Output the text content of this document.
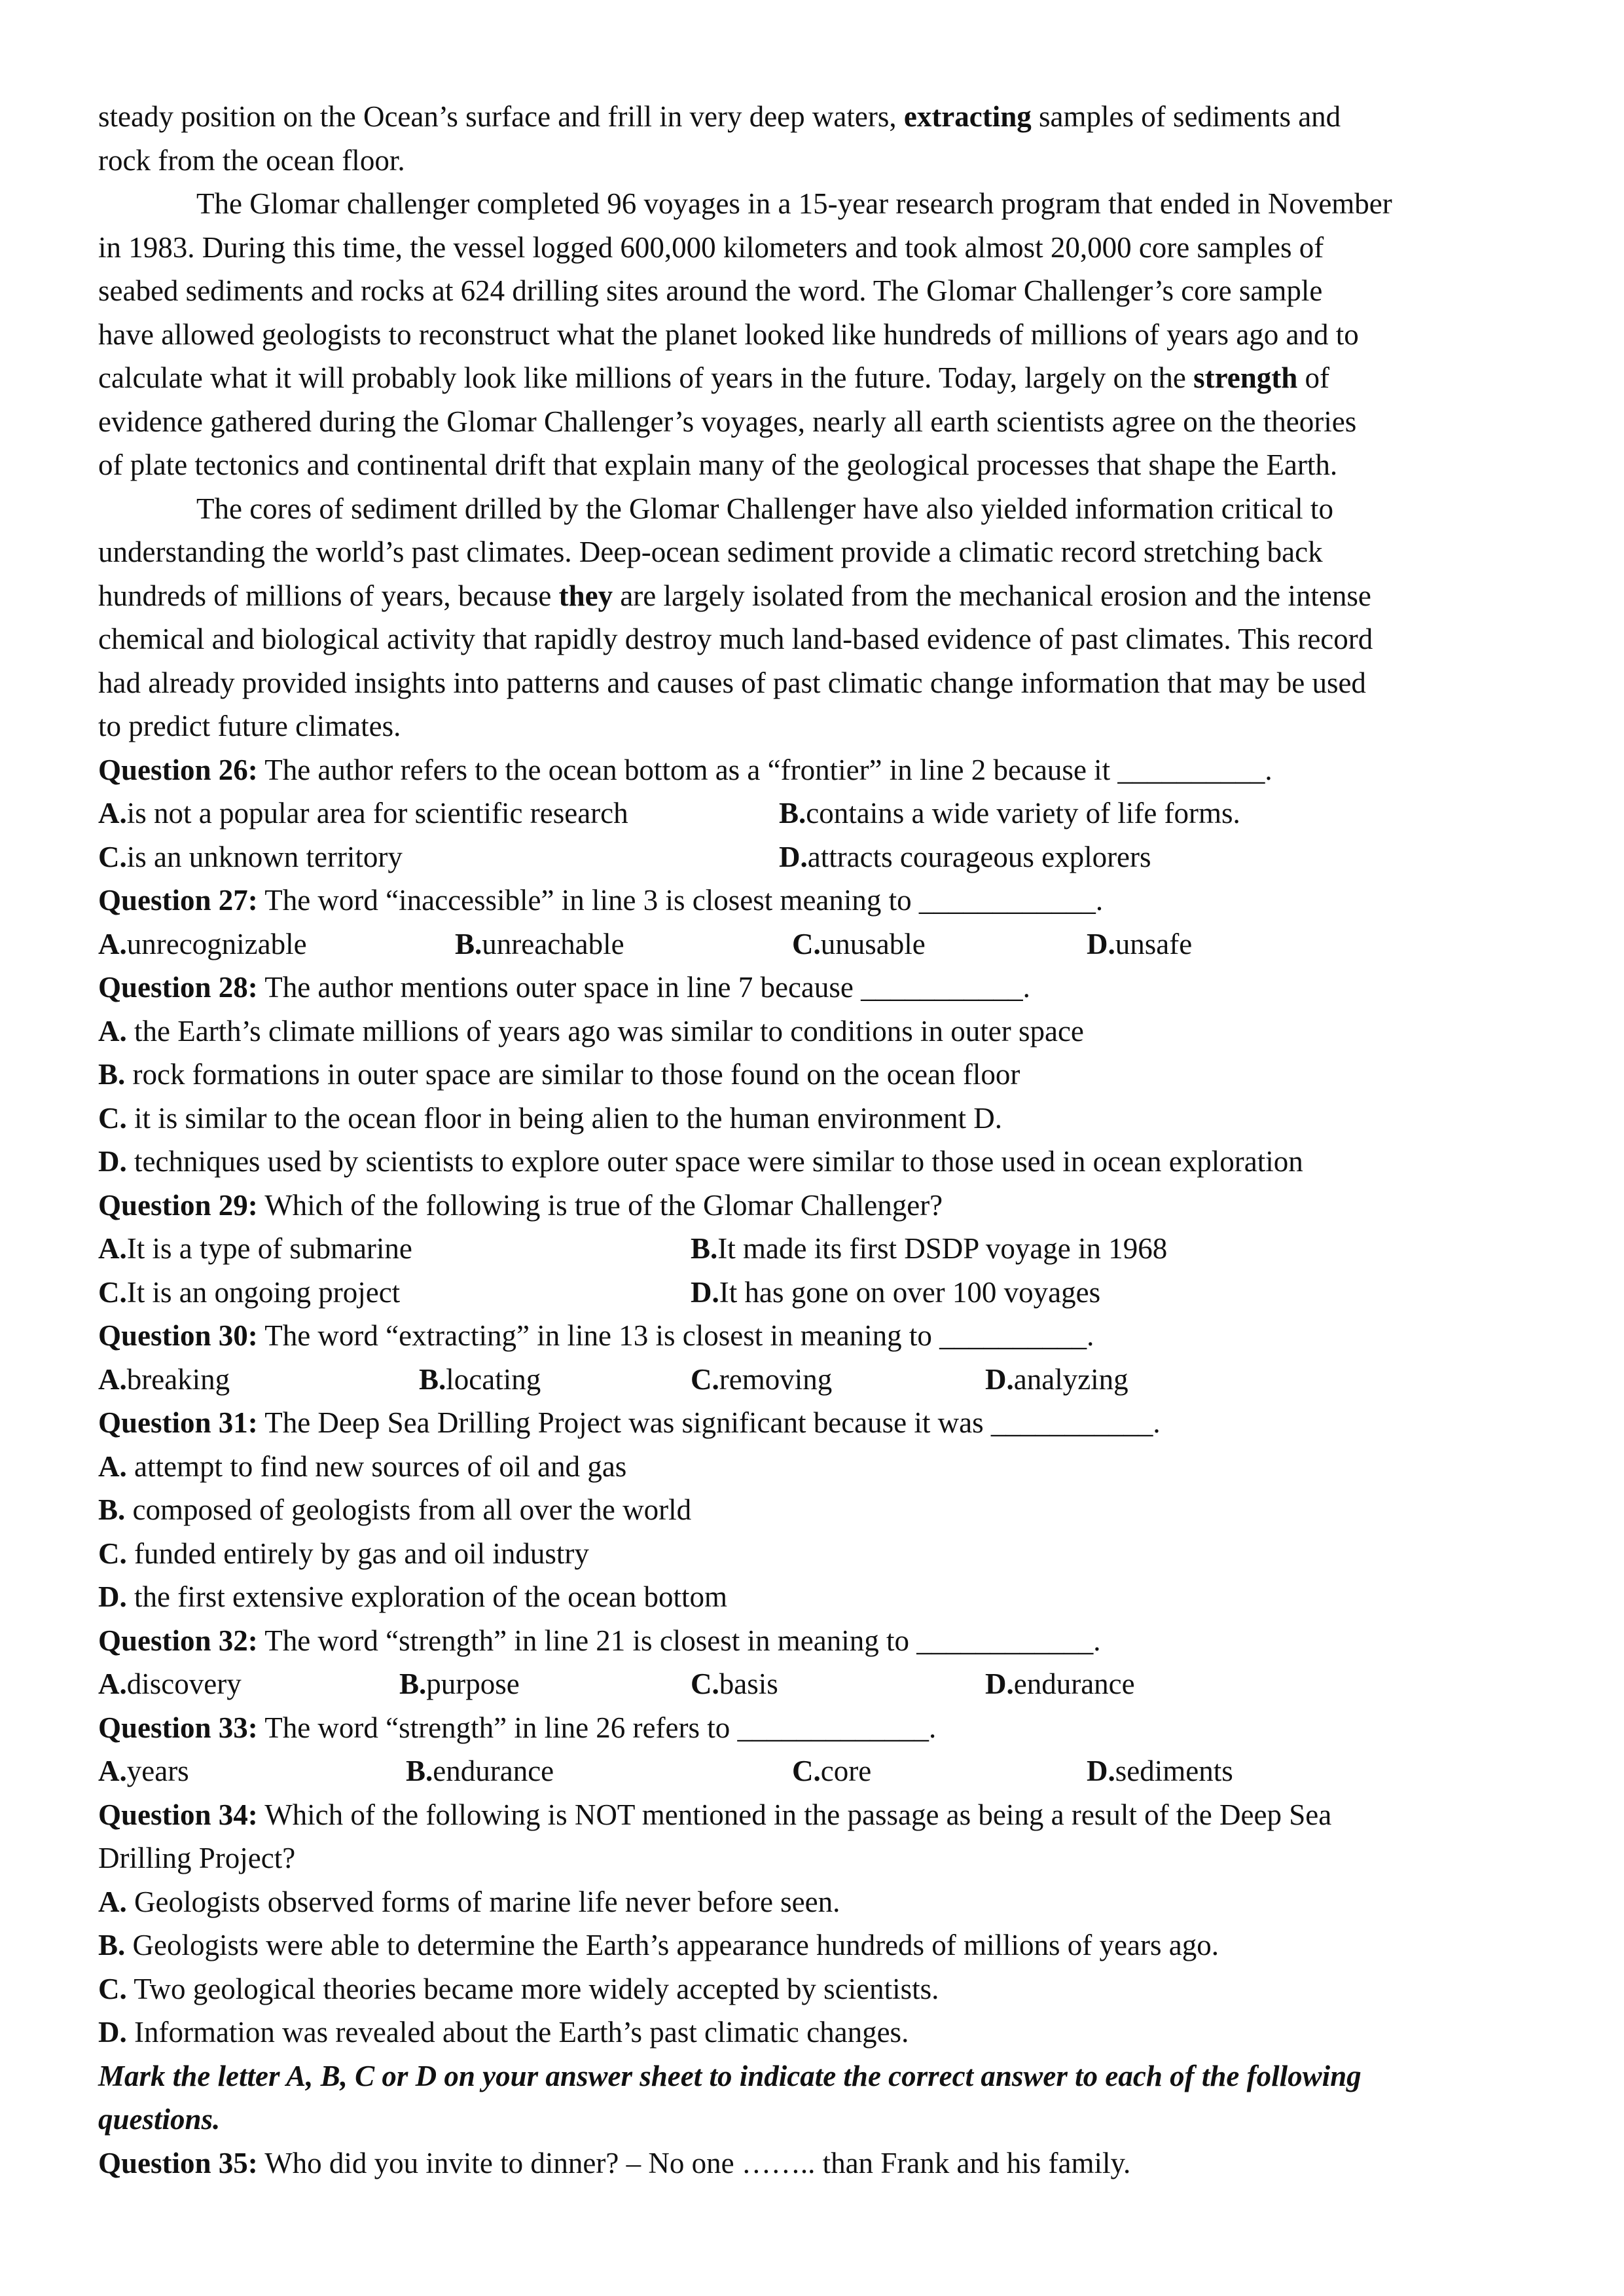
steady position on the Ocean’s surface and frill in very deep waters, extracting samples of sediments and
rock from the ocean floor.
The Glomar challenger completed 96 voyages in a 15-year research program that ended in November
in 1983. During this time, the vessel logged 600,000 kilometers and took almost 20,000 core samples of
seabed sediments and rocks at 624 drilling sites around the word. The Glomar Challenger’s core sample
have allowed geologists to reconstruct what the planet looked like hundreds of millions of years ago and to
calculate what it will probably look like millions of years in the future. Today, largely on the strength of
evidence gathered during the Glomar Challenger’s voyages, nearly all earth scientists agree on the theories
of plate tectonics and continental drift that explain many of the geological processes that shape the Earth.
The cores of sediment drilled by the Glomar Challenger have also yielded information critical to
understanding the world’s past climates. Deep-ocean sediment provide a climatic record stretching back
hundreds of millions of years, because they are largely isolated from the mechanical erosion and the intense
chemical and biological activity that rapidly destroy much land-based evidence of past climates. This record
had already provided insights into patterns and causes of past climatic change information that may be used
to predict future climates.
Question 26: The author refers to the ocean bottom as a “frontier” in line 2 because it __________.
A. is not a popular area for scientific research	B. contains a wide variety of life forms.
C. is an unknown territory	D. attracts courageous explorers
Question 27: The word “inaccessible” in line 3 is closest meaning to ____________.
A. unrecognizable	B. unreachable	C. unusable	D. unsafe
Question 28: The author mentions outer space in line 7 because ___________.
A. the Earth’s climate millions of years ago was similar to conditions in outer space
B. rock formations in outer space are similar to those found on the ocean floor
C. it is similar to the ocean floor in being alien to the human environment D.
D. techniques used by scientists to explore outer space were similar to those used in ocean exploration
Question 29: Which of the following is true of the Glomar Challenger?
A. It is a type of submarine	B. It made its first DSDP voyage in 1968
C. It is an ongoing project	D. It has gone on over 100 voyages
Question 30: The word “extracting” in line 13 is closest in meaning to __________.
A. breaking	B. locating	C. removing	D. analyzing
Question 31: The Deep Sea Drilling Project was significant because it was ___________.
A. attempt to find new sources of oil and gas
B. composed of geologists from all over the world
C. funded entirely by gas and oil industry
D. the first extensive exploration of the ocean bottom
Question 32: The word “strength” in line 21 is closest in meaning to ____________.
A. discovery	B. purpose	C. basis	D. endurance
Question 33: The word “strength” in line 26 refers to _____________.
A. years	B. endurance	C. core	D. sediments
Question 34: Which of the following is NOT mentioned in the passage as being a result of the Deep Sea
Drilling Project?
A. Geologists observed forms of marine life never before seen.
B. Geologists were able to determine the Earth’s appearance hundreds of millions of years ago.
C. Two geological theories became more widely accepted by scientists.
D. Information was revealed about the Earth’s past climatic changes.
Mark the letter A, B, C or D on your answer sheet to indicate the correct answer to each of the following
questions.
Question 35: Who did you invite to dinner? – No one …….. than Frank and his family.
